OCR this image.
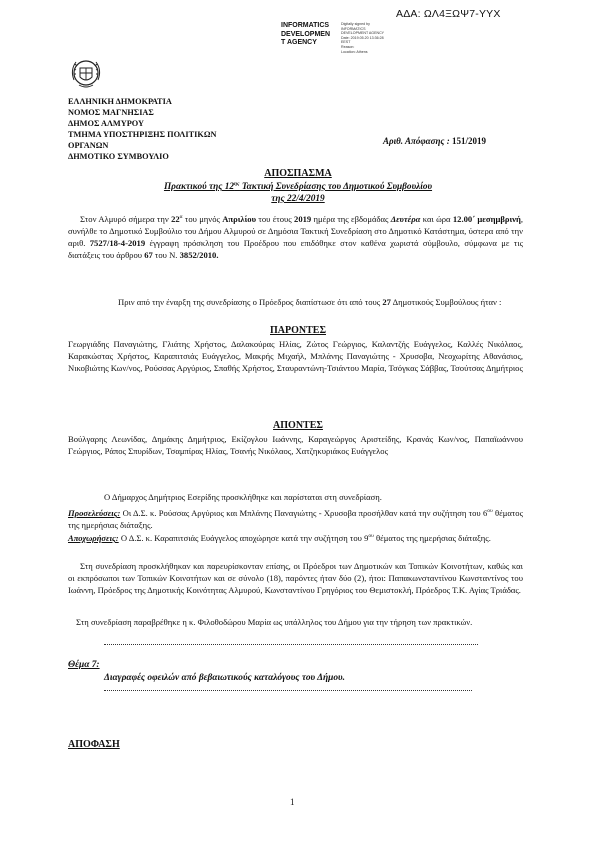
ΑΔΑ: ΩΛ4ΞΩΨ7-ΥΥΧ
INFORMATICS
DEVELOPMEN
T AGENCY
Digitally signed by
INFORMATICS
DEVELOPMENT AGENCY
Date: 2019.05.20 13:36:28
EEST
Reason:
Location: Athens
ΕΛΛΗΝΙΚΗ ΔΗΜΟΚΡΑΤΙΑ
ΝΟΜΟΣ ΜΑΓΝΗΣΙΑΣ
ΔΗΜΟΣ ΑΛΜΥΡΟΥ
ΤΜΗΜΑ ΥΠΟΣΤΗΡΙΞΗΣ ΠΟΛΙΤΙΚΩΝ
ΟΡΓΑΝΩΝ
ΔΗΜΟΤΙΚΟ ΣΥΜΒΟΥΛΙΟ
Αριθ. Απόφασης : 151/2019
ΑΠΟΣΠΑΣΜΑ
Πρακτικού της $12^{\eta\varsigma}$ Τακτική Συνεδρίασης του Δημοτικού Συμβουλίου
της 22/4/2019
Στον Αλμυρό σήμερα την $22^\alpha$ του μηνός Απριλίου του έτους 2019 ημέρα της εβδομάδας Δευτέρα και ώρα 12.00΄ μεσημβρινή, συνήλθε το Δημοτικό Συμβούλιο του Δήμου Αλμυρού σε Δημόσια Τακτική Συνεδρίαση στο Δημοτικό Κατάστημα, ύστερα από την αριθ. 7527/18-4-2019 έγγραφη πρόσκληση του Προέδρου που επιδόθηκε στον καθένα χωριστά σύμβουλο, σύμφωνα με τις διατάξεις του άρθρου 67 του Ν. 3852/2010.
Πριν από την έναρξη της συνεδρίασης ο Πρόεδρος διαπίστωσε ότι από τους 27 Δημοτικούς Συμβούλους ήταν :
ΠΑΡΟΝΤΕΣ
Γεωργιάδης Παναγιώτης, Γλιάτης Χρήστος, Δαλακούρας Ηλίας, Ζώτος Γεώργιος, Καλαντζής Ευάγγελος, Καλλές Νικόλαος, Καρακώστας Χρήστος, Καραπιτσιάς Ευάγγελος, Μακρής Μιχαήλ, Μπλάνης Παναγιώτης - Χρυσοβα, Νεοχωρίτης Αθανάσιος, Νικοβιώτης Κων/νος, Ρούσσας Αργύριος, Σπαθής Χρήστος, Σταυραντώνη-Τσιάντου Μαρία, Τσόγκας Σάββας, Τσούτσας Δημήτριος
ΑΠΟΝΤΕΣ
Βούλγαρης Λεωνίδας, Δημάκης Δημήτριος, Εκίζογλου Ιωάννης, Καραγεώργος Αριστείδης, Κρανάς Κων/νος, Παπαϊωάννου Γεώργιος, Ράπος Σπυρίδων, Τσαμπίρας Ηλίας, Τσανής Νικόλαος, Χατζηκυριάκος Ευάγγελος
Ο Δήμαρχος Δημήτριος Εσερίδης προσκλήθηκε και παρίσταται στη συνεδρίαση.
Προσελεύσεις: Οι Δ.Σ. κ. Ρούσσας Αργύριος και Μπλάνης Παναγιώτης - Χρυσοβα προσήλθαν κατά την συζήτηση του $6^{o\upsilon}$ θέματος της ημερήσιας διάταξης.
Αποχωρήσεις: Ο Δ.Σ. κ. Καραπιτσιάς Ευάγγελος αποχώρησε κατά την συζήτηση του $9^{o\upsilon}$ θέματος της ημερήσιας διάταξης.
Στη συνεδρίαση προσκλήθηκαν και παρευρίσκονταν επίσης, οι Πρόεδροι των Δημοτικών και Τοπικών Κοινοτήτων, καθώς και οι εκπρόσωποι των Τοπικών Κοινοτήτων και σε σύνολο (18), παρόντες ήταν δύο (2), ήτοι: Παπακωνσταντίνου Κωνσταντίνος του Ιωάννη, Πρόεδρος της Δημοτικής Κοινότητας Αλμυρού, Κωνσταντίνου Γρηγόριος του Θεμιστοκλή, Πρόεδρος Τ.Κ. Αγίας Τριάδας.
Στη συνεδρίαση παραβρέθηκε η κ. Φιλοθοδώρου Μαρία ως υπάλληλος του Δήμου για την τήρηση των πρακτικών.
Θέμα 7:
Διαγραφές οφειλών από βεβαιωτικούς καταλόγους του Δήμου.
ΑΠΟΦΑΣΗ
1
